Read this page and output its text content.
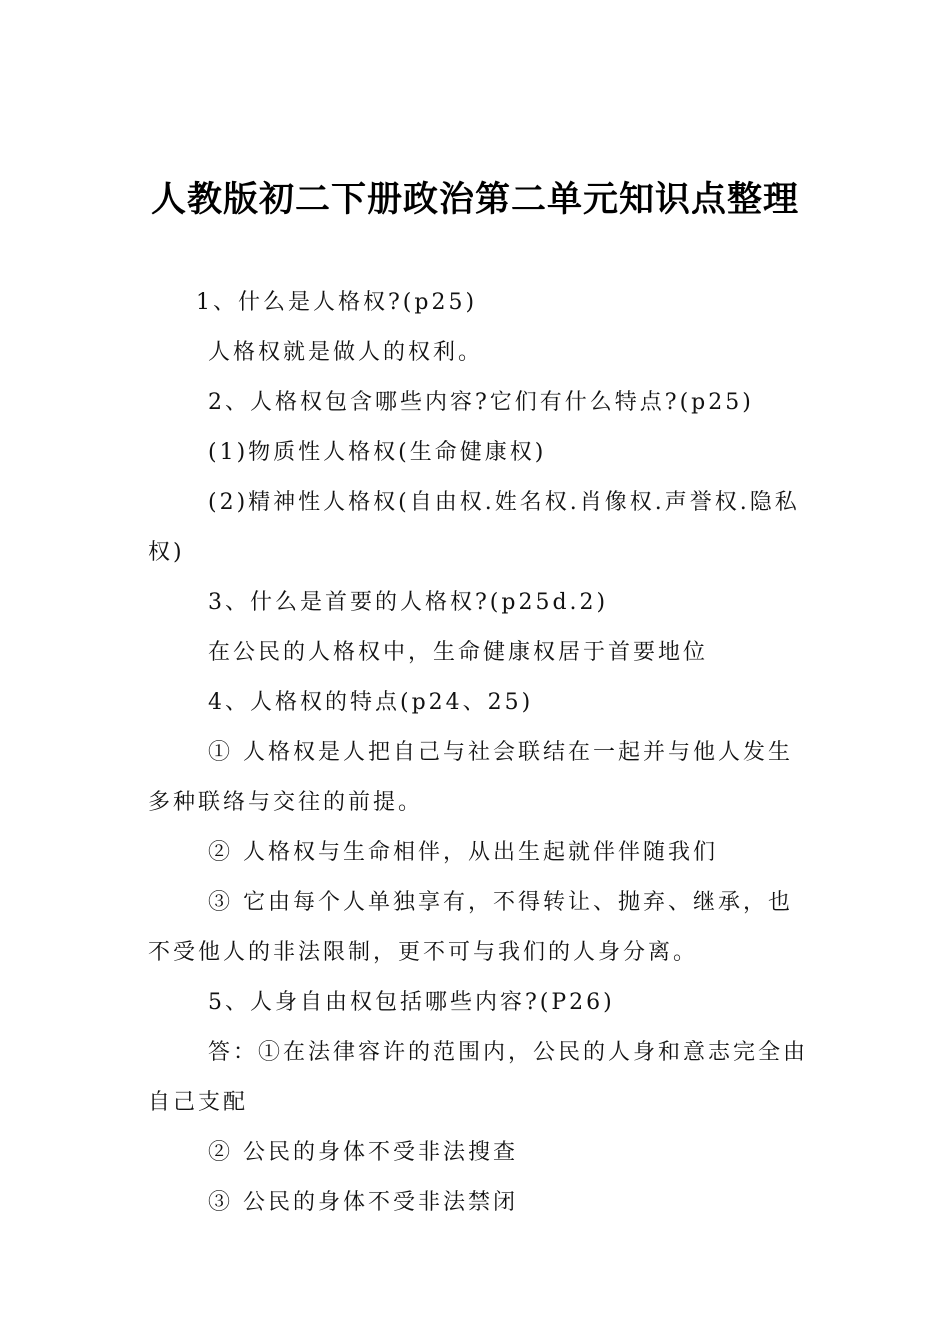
人教版初二下册政治第二单元知识点整理

1、什么是人格权?(p25)

人格权就是做人的权利。

2、人格权包含哪些内容?它们有什么特点?(p25)

(1)物质性人格权(生命健康权)

(2)精神性人格权(自由权.姓名权.肖像权.声誉权.隐私权)

3、什么是首要的人格权?(p25d.2)

在公民的人格权中，生命健康权居于首要地位

4、人格权的特点(p24、25)

① 人格权是人把自己与社会联结在一起并与他人发生多种联络与交往的前提。

② 人格权与生命相伴，从出生起就伴伴随我们

③ 它由每个人单独享有，不得转让、抛弃、继承，也不受他人的非法限制，更不可与我们的人身分离。

5、人身自由权包括哪些内容?(P26)

答：①在法律容许的范围内，公民的人身和意志完全由自己支配

② 公民的身体不受非法搜查

③ 公民的身体不受非法禁闭
